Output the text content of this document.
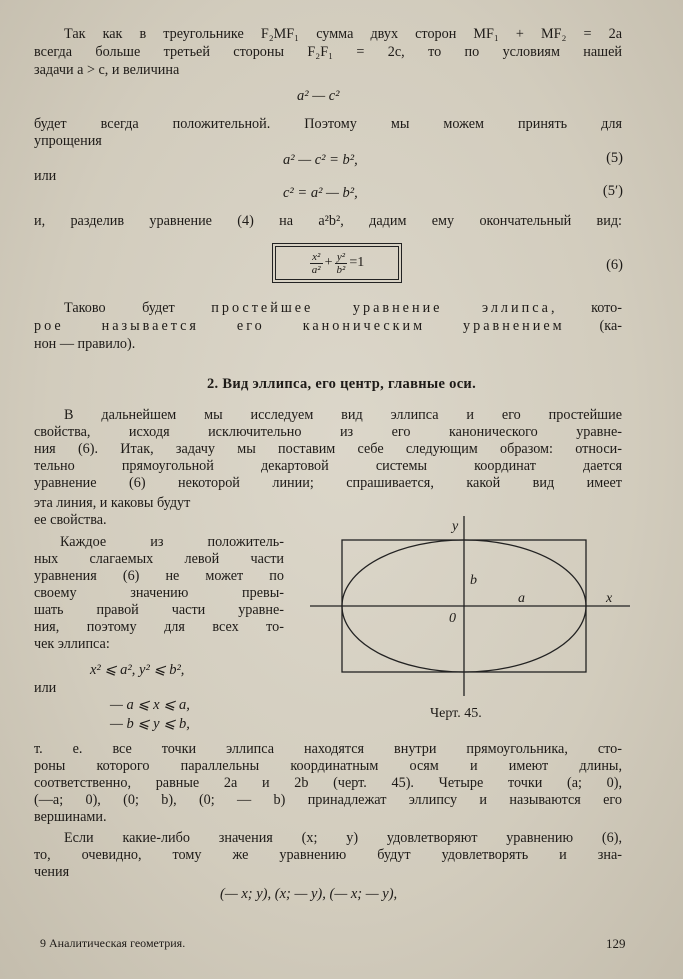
Так как в треугольнике F₂MF₁ сумма двух сторон MF₁ + MF₂ = 2a
всегда больше третьей стороны F₂F₁ = 2c, то по условиям нашей
задачи a > c, и величина
a² — c²
будет всегда положительной. Поэтому мы можем принять для
упрощения
a² — c² = b²,	(5)
или
c² = a² — b²,	(5′)
и, разделив уравнение (4) на a²b², дадим ему окончательный вид:
$\frac{\text{x²}}{\text{a²}} + \frac{\text{y²}}{\text{b²}} =1$	(6)
Таково будет простейшее уравнение эллипса, кото-
рое называется его каноническим уравнением (ка-
нон — правило).
2. Вид эллипса, его центр, главные оси.
В дальнейшем мы исследуем вид эллипса и его простейшие
свойства, исходя исключительно из его канонического уравне-
ния (6). Итак, задачу мы поставим себе следующим образом: относи-
тельно прямоугольной декартовой системы координат дается
уравнение (6) некоторой линии; спрашивается, какой вид имеет
эта линия, и каковы будут
ее свойства.
Каждое из положитель-
ных слагаемых левой части
уравнения (6) не может по
своему значению превы-
шать правой части уравне-
ния, поэтому для всех то-
чек эллипса:
x² ⩽ a², y² ⩽ b²,
или
— a ⩽ x ⩽ a,
— b ⩽ y ⩽ b,
y
x
b
a
0
Черт. 45.
т. е. все точки эллипса находятся внутри прямоугольника, сто-
роны которого параллельны координатным осям и имеют длины,
соответственно, равные 2a и 2b (черт. 45). Четыре точки (a; 0),
(—a; 0), (0; b), (0; — b) принадлежат эллипсу и называются его
вершинами.
Если какие-либо значения (x; y) удовлетворяют уравнению (6),
то, очевидно, тому же уравнению будут удовлетворять и зна-
чения
(— x; y), (x; — y), (— x; — y),
9 Аналитическая геометрия.	129
